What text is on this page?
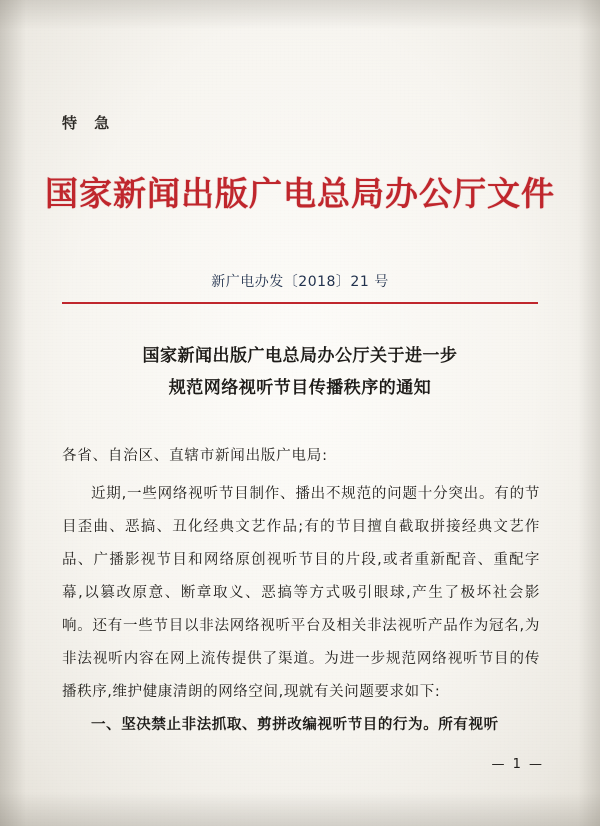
特 急
国家新闻出版广电总局办公厅文件
新广电办发〔2018〕21 号
国家新闻出版广电总局办公厅关于进一步
规范网络视听节目传播秩序的通知
各省、自治区、直辖市新闻出版广电局:

近期,一些网络视听节目制作、播出不规范的问题十分突出。有的节目歪曲、恶搞、丑化经典文艺作品;有的节目擅自截取拼接经典文艺作品、广播影视节目和网络原创视听节目的片段,或者重新配音、重配字幕,以篡改原意、断章取义、恶搞等方式吸引眼球,产生了极坏社会影响。还有一些节目以非法网络视听平台及相关非法视听产品作为冠名,为非法视听内容在网上流传提供了渠道。为进一步规范网络视听节目的传播秩序,维护健康清朗的网络空间,现就有关问题要求如下:

一、坚决禁止非法抓取、剪拼改编视听节目的行为。所有视听

— 1 —
